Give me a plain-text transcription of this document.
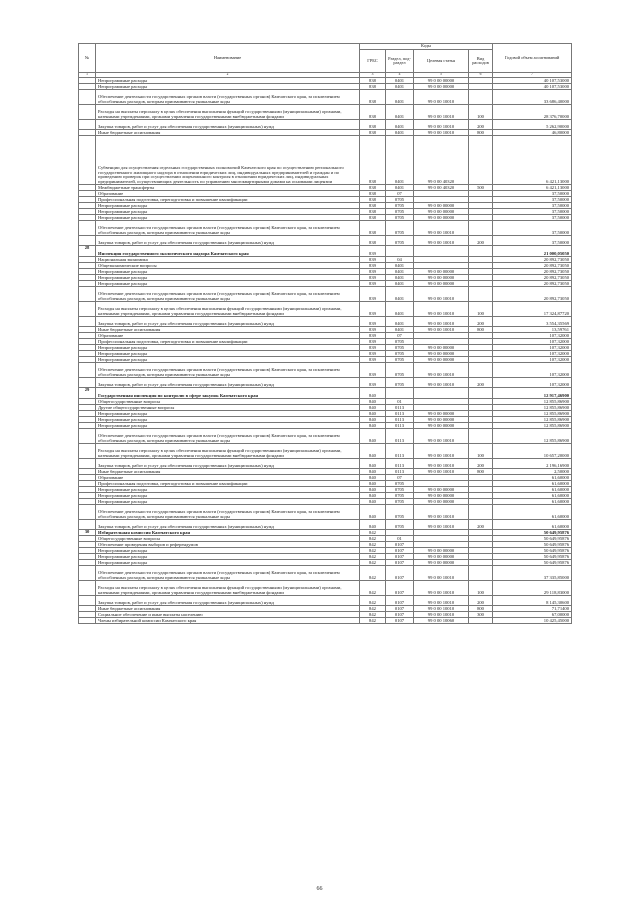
№	Наименование	Коды				Годовой объем ассигнований
		ГРБС	Раздел, под-раздел	Целевая статья	Вид расходов	
1	2	3	4	5	6	7
	Непрограммные расходы	838	0401	99 0 00 00000		40 107,53000
	Непрограммные расходы	838	0401	99 0 00 00000		40 107,53000
	Обеспечение деятельности государственных органов власти (государственных органов) Камчатского края, за исключением обособленных расходов, которым присваиваются уникальные коды	838	0401	99 0 00 10010		33 686,40000
	Расходы на выплаты персоналу в целях обеспечения выполнения функций государственными (муниципальными) органами, казенными учреждениями, органами управления государственными внебюджетными фондами	838	0401	99 0 00 10010	100	28 376,70000
	Закупка товаров, работ и услуг для обеспечения государственных (муниципальных) нужд	838	0401	99 0 00 10010	200	5 262,90000
	Иные бюджетные ассигнования	838	0401	99 0 00 10010	800	46,80000
	Субвенции для осуществления отдельных государственных полномочий Камчатского края по осуществлению регионального государственного жилищного надзора в отношении юридических лиц, индивидуальных предпринимателей и граждан и по проведению проверок при осуществлении лицензионного контроля в отношении юридических лиц, индивидуальных предпринимателей, осуществляющих деятельность по управлению многоквартирными домами на основании лицензии	838	0401	99 0 00 40320		6 421,13000
	Межбюджетные трансферты	838	0401	99 0 00 40320	500	6 421,13000
	Образование	838	07			37,50000
	Профессиональная подготовка, переподготовка и повышение квалификации	838	0705			37,50000
	Непрограммные расходы	838	0705	99 0 00 00000		37,50000
	Непрограммные расходы	838	0705	99 0 00 00000		37,50000
	Непрограммные расходы	838	0705	99 0 00 00000		37,50000
	Обеспечение деятельности государственных органов власти (государственных органов) Камчатского края, за исключением обособленных расходов, которым присваиваются уникальные коды	838	0705	99 0 00 10010		37,50000
	Закупка товаров, работ и услуг для обеспечения государственных (муниципальных) нужд	838	0705	99 0 00 10010	200	37,50000
28	Инспекция государственного экологического надзора Камчатского края	839				21 000,05050
	Национальная экономика	839	04			20 892,73050
	Общеэкономические вопросы	839	0401			20 892,73050
	Непрограммные расходы	839	0401	99 0 00 00000		20 892,73050
	Непрограммные расходы	839	0401	99 0 00 00000		20 892,73050
	Непрограммные расходы	839	0401	99 0 00 00000		20 892,73050
	Обеспечение деятельности государственных органов власти (государственных органов) Камчатского края, за исключением обособленных расходов, которым присваиваются уникальные коды	839	0401	99 0 00 10010		20 892,73050
	Расходы на выплаты персоналу в целях обеспечения выполнения функций государственными (муниципальными) органами, казенными учреждениями, органами управления государственными внебюджетными фондами	839	0401	99 0 00 10010	100	17 324,87720
	Закупка товаров, работ и услуг для обеспечения государственных (муниципальных) нужд	839	0401	99 0 00 10010	200	3 554,35569
	Иные бюджетные ассигнования	839	0401	99 0 00 10010	800	13,59761
	Образование	839	07			107,32000
	Профессиональная подготовка, переподготовка и повышение квалификации	839	0705			107,32000
	Непрограммные расходы	839	0705	99 0 00 00000		107,32000
	Непрограммные расходы	839	0705	99 0 00 00000		107,32000
	Непрограммные расходы	839	0705	99 0 00 00000		107,32000
	Обеспечение деятельности государственных органов власти (государственных органов) Камчатского края, за исключением обособленных расходов, которым присваиваются уникальные коды	839	0705	99 0 00 10010		107,32000
	Закупка товаров, работ и услуг для обеспечения государственных (муниципальных) нужд	839	0705	99 0 00 10010	200	107,32000
29	Государственная инспекция по контролю в сфере закупок Камчатского края	840				12 917,46900
	Общегосударственные вопросы	840	01			12 855,86900
	Другие общегосударственные вопросы	840	0113			12 855,86900
	Непрограммные расходы	840	0113	99 0 00 00000		12 855,86900
	Непрограммные расходы	840	0113	99 0 00 00000		12 855,86900
	Непрограммные расходы	840	0113	99 0 00 00000		12 855,86900
	Обеспечение деятельности государственных органов власти (государственных органов) Камчатского края, за исключением обособленных расходов, которым присваиваются уникальные коды	840	0113	99 0 00 10010		12 855,86900
	Расходы на выплаты персоналу в целях обеспечения выполнения функций государственными (муниципальными) органами, казенными учреждениями, органами управления государственными внебюджетными фондами	840	0113	99 0 00 10010	100	10 657,20000
	Закупка товаров, работ и услуг для обеспечения государственных (муниципальных) нужд	840	0113	99 0 00 10010	200	2 196,16900
	Иные бюджетные ассигнования	840	0113	99 0 00 10010	800	2,50000
	Образование	840	07			61,60000
	Профессиональная подготовка, переподготовка и повышение квалификации	840	0705			61,60000
	Непрограммные расходы	840	0705	99 0 00 00000		61,60000
	Непрограммные расходы	840	0705	99 0 00 00000		61,60000
	Непрограммные расходы	840	0705	99 0 00 00000		61,60000
	Обеспечение деятельности государственных органов власти (государственных органов) Камчатского края, за исключением обособленных расходов, которым присваиваются уникальные коды	840	0705	99 0 00 10010		61,60000
	Закупка товаров, работ и услуг для обеспечения государственных (муниципальных) нужд	840	0705	99 0 00 10010	200	61,60000
30	Избирательная комиссия Камчатского края	842				50 649,95876
	Общегосударственные вопросы	842	01			50 649,95876
	Обеспечение проведения выборов и референдумов	842	0107			50 649,95876
	Непрограммные расходы	842	0107	99 0 00 00000		50 649,95876
	Непрограммные расходы	842	0107	99 0 00 00000		50 649,95876
	Непрограммные расходы	842	0107	99 0 00 00000		50 649,95876
	Обеспечение деятельности государственных органов власти (государственных органов) Камчатского края, за исключением обособленных расходов, которым присваиваются уникальные коды	842	0107	99 0 00 10010		37 335,85000
	Расходы на выплаты персоналу в целях обеспечения выполнения функций государственными (муниципальными) органами, казенными учреждениями, органами управления государственными внебюджетными фондами	842	0107	99 0 00 10010	100	29 118,83000
	Закупка товаров, работ и услуг для обеспечения государственных (муниципальных) нужд	842	0107	99 0 00 10010	200	8 145,30600
	Иные бюджетные ассигнования	842	0107	99 0 00 10010	800	71,71400
	Социальное обеспечение и иные выплаты населению	842	0107	99 0 00 10010	300	67,00000
	Члены избирательной комиссии Камчатского края	842	0107	99 0 00 10060		10 425,45000
66
